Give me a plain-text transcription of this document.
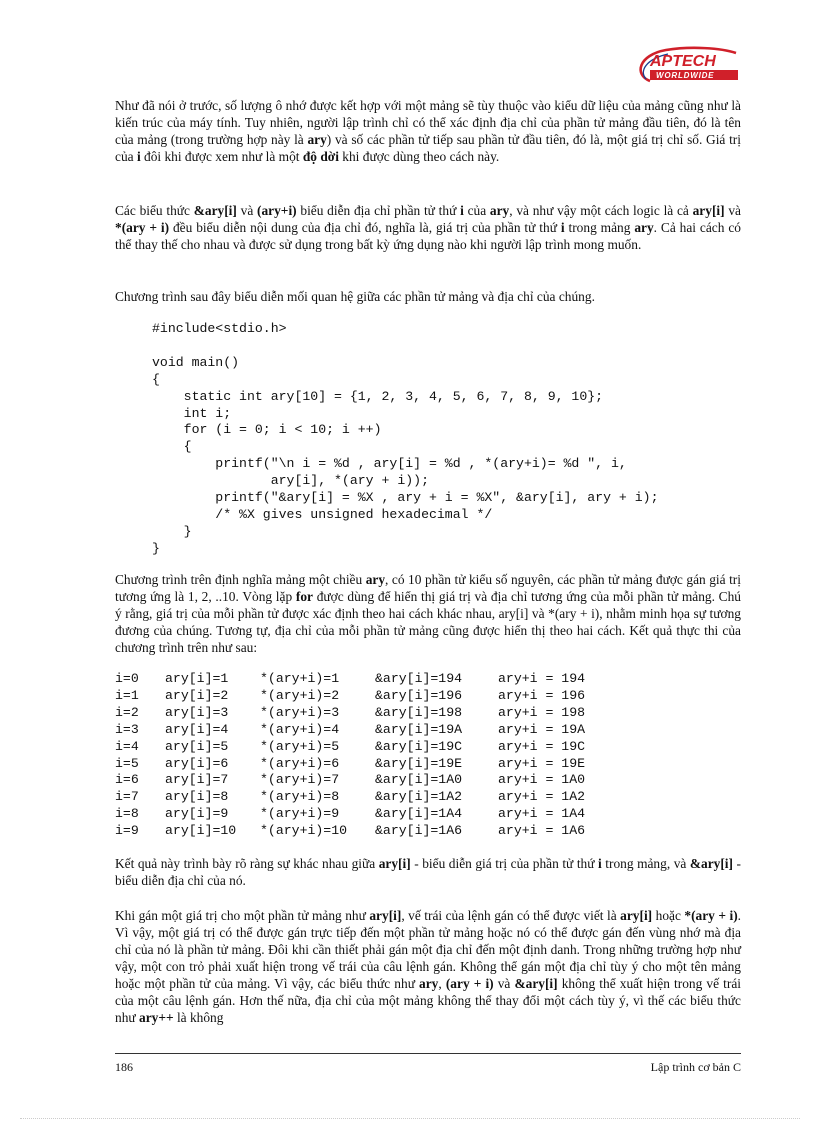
APTECH
WORLDWIDE

Như đã nói ở trước, số lượng ô nhớ được kết hợp với một mảng sẽ tùy thuộc vào kiểu dữ liệu của mảng cũng như là kiến trúc của máy tính. Tuy nhiên, người lập trình chỉ có thể xác định địa chỉ của phần tử mảng đầu tiên, đó là tên của mảng (trong trường hợp này là ary) và số các phần tử tiếp sau phần tử đầu tiên, đó là, một giá trị chỉ số. Giá trị của i đôi khi được xem như là một độ dời khi được dùng theo cách này.

Các biểu thức &ary[i] và (ary+i) biểu diễn địa chỉ phần tử thứ i của ary, và như vậy một cách logic là cả ary[i] và *(ary + i) đều biểu diễn nội dung của địa chỉ đó, nghĩa là, giá trị của phần tử thứ i trong mảng ary. Cả hai cách có thể thay thế cho nhau và được sử dụng trong bất kỳ ứng dụng nào khi người lập trình mong muốn.

Chương trình sau đây biểu diễn mối quan hệ giữa các phần tử mảng và địa chỉ của chúng.

#include<stdio.h>

void main()
{
static int ary[10] = {1, 2, 3, 4, 5, 6, 7, 8, 9, 10};
int i;
for (i = 0; i < 10; i ++)
{
printf("\n i = %d , ary[i] = %d , *(ary+i)= %d ", i,
ary[i], *(ary + i));
printf("&ary[i] = %X , ary + i = %X", &ary[i], ary + i);
/* %X gives unsigned hexadecimal */
}
}

Chương trình trên định nghĩa mảng một chiều ary, có 10 phần tử kiểu số nguyên, các phần tử mảng được gán giá trị tương ứng là 1, 2, ..10. Vòng lặp for được dùng để hiển thị giá trị và địa chỉ tương ứng của mỗi phần tử mảng. Chú ý rằng, giá trị của mỗi phần tử được xác định theo hai cách khác nhau, ary[i] và *(ary + i), nhằm minh họa sự tương đương của chúng. Tương tự, địa chỉ của mỗi phần tử mảng cũng được hiển thị theo hai cách. Kết quả thực thi của chương trình trên như sau:

i=0	ary[i]=1	*(ary+i)=1	&ary[i]=194	ary+i = 194
i=1	ary[i]=2	*(ary+i)=2	&ary[i]=196	ary+i = 196
i=2	ary[i]=3	*(ary+i)=3	&ary[i]=198	ary+i = 198
i=3	ary[i]=4	*(ary+i)=4	&ary[i]=19A	ary+i = 19A
i=4	ary[i]=5	*(ary+i)=5	&ary[i]=19C	ary+i = 19C
i=5	ary[i]=6	*(ary+i)=6	&ary[i]=19E	ary+i = 19E
i=6	ary[i]=7	*(ary+i)=7	&ary[i]=1A0	ary+i = 1A0
i=7	ary[i]=8	*(ary+i)=8	&ary[i]=1A2	ary+i = 1A2
i=8	ary[i]=9	*(ary+i)=9	&ary[i]=1A4	ary+i = 1A4
i=9	ary[i]=10	*(ary+i)=10	&ary[i]=1A6	ary+i = 1A6

Kết quả này trình bày rõ ràng sự khác nhau giữa ary[i] - biểu diễn giá trị của phần tử thứ i trong mảng, và &ary[i] - biểu diễn địa chỉ của nó.

Khi gán một giá trị cho một phần tử mảng như ary[i], vế trái của lệnh gán có thể được viết là ary[i] hoặc *(ary + i). Vì vậy, một giá trị có thể được gán trực tiếp đến một phần tử mảng hoặc nó có thể được gán đến vùng nhớ mà địa chỉ của nó là phần tử mảng. Đôi khi cần thiết phải gán một địa chỉ đến một định danh. Trong những trường hợp như vậy, một con trỏ phải xuất hiện trong vế trái của câu lệnh gán. Không thể gán một địa chỉ tùy ý cho một tên mảng hoặc một phần tử của mảng. Vì vậy, các biểu thức như ary, (ary + i) và &ary[i] không thể xuất hiện trong vế trái của một câu lệnh gán. Hơn thế nữa, địa chỉ của một mảng không thể thay đổi một cách tùy ý, vì thế các biểu thức như ary++ là không

186	Lập trình cơ bản C
